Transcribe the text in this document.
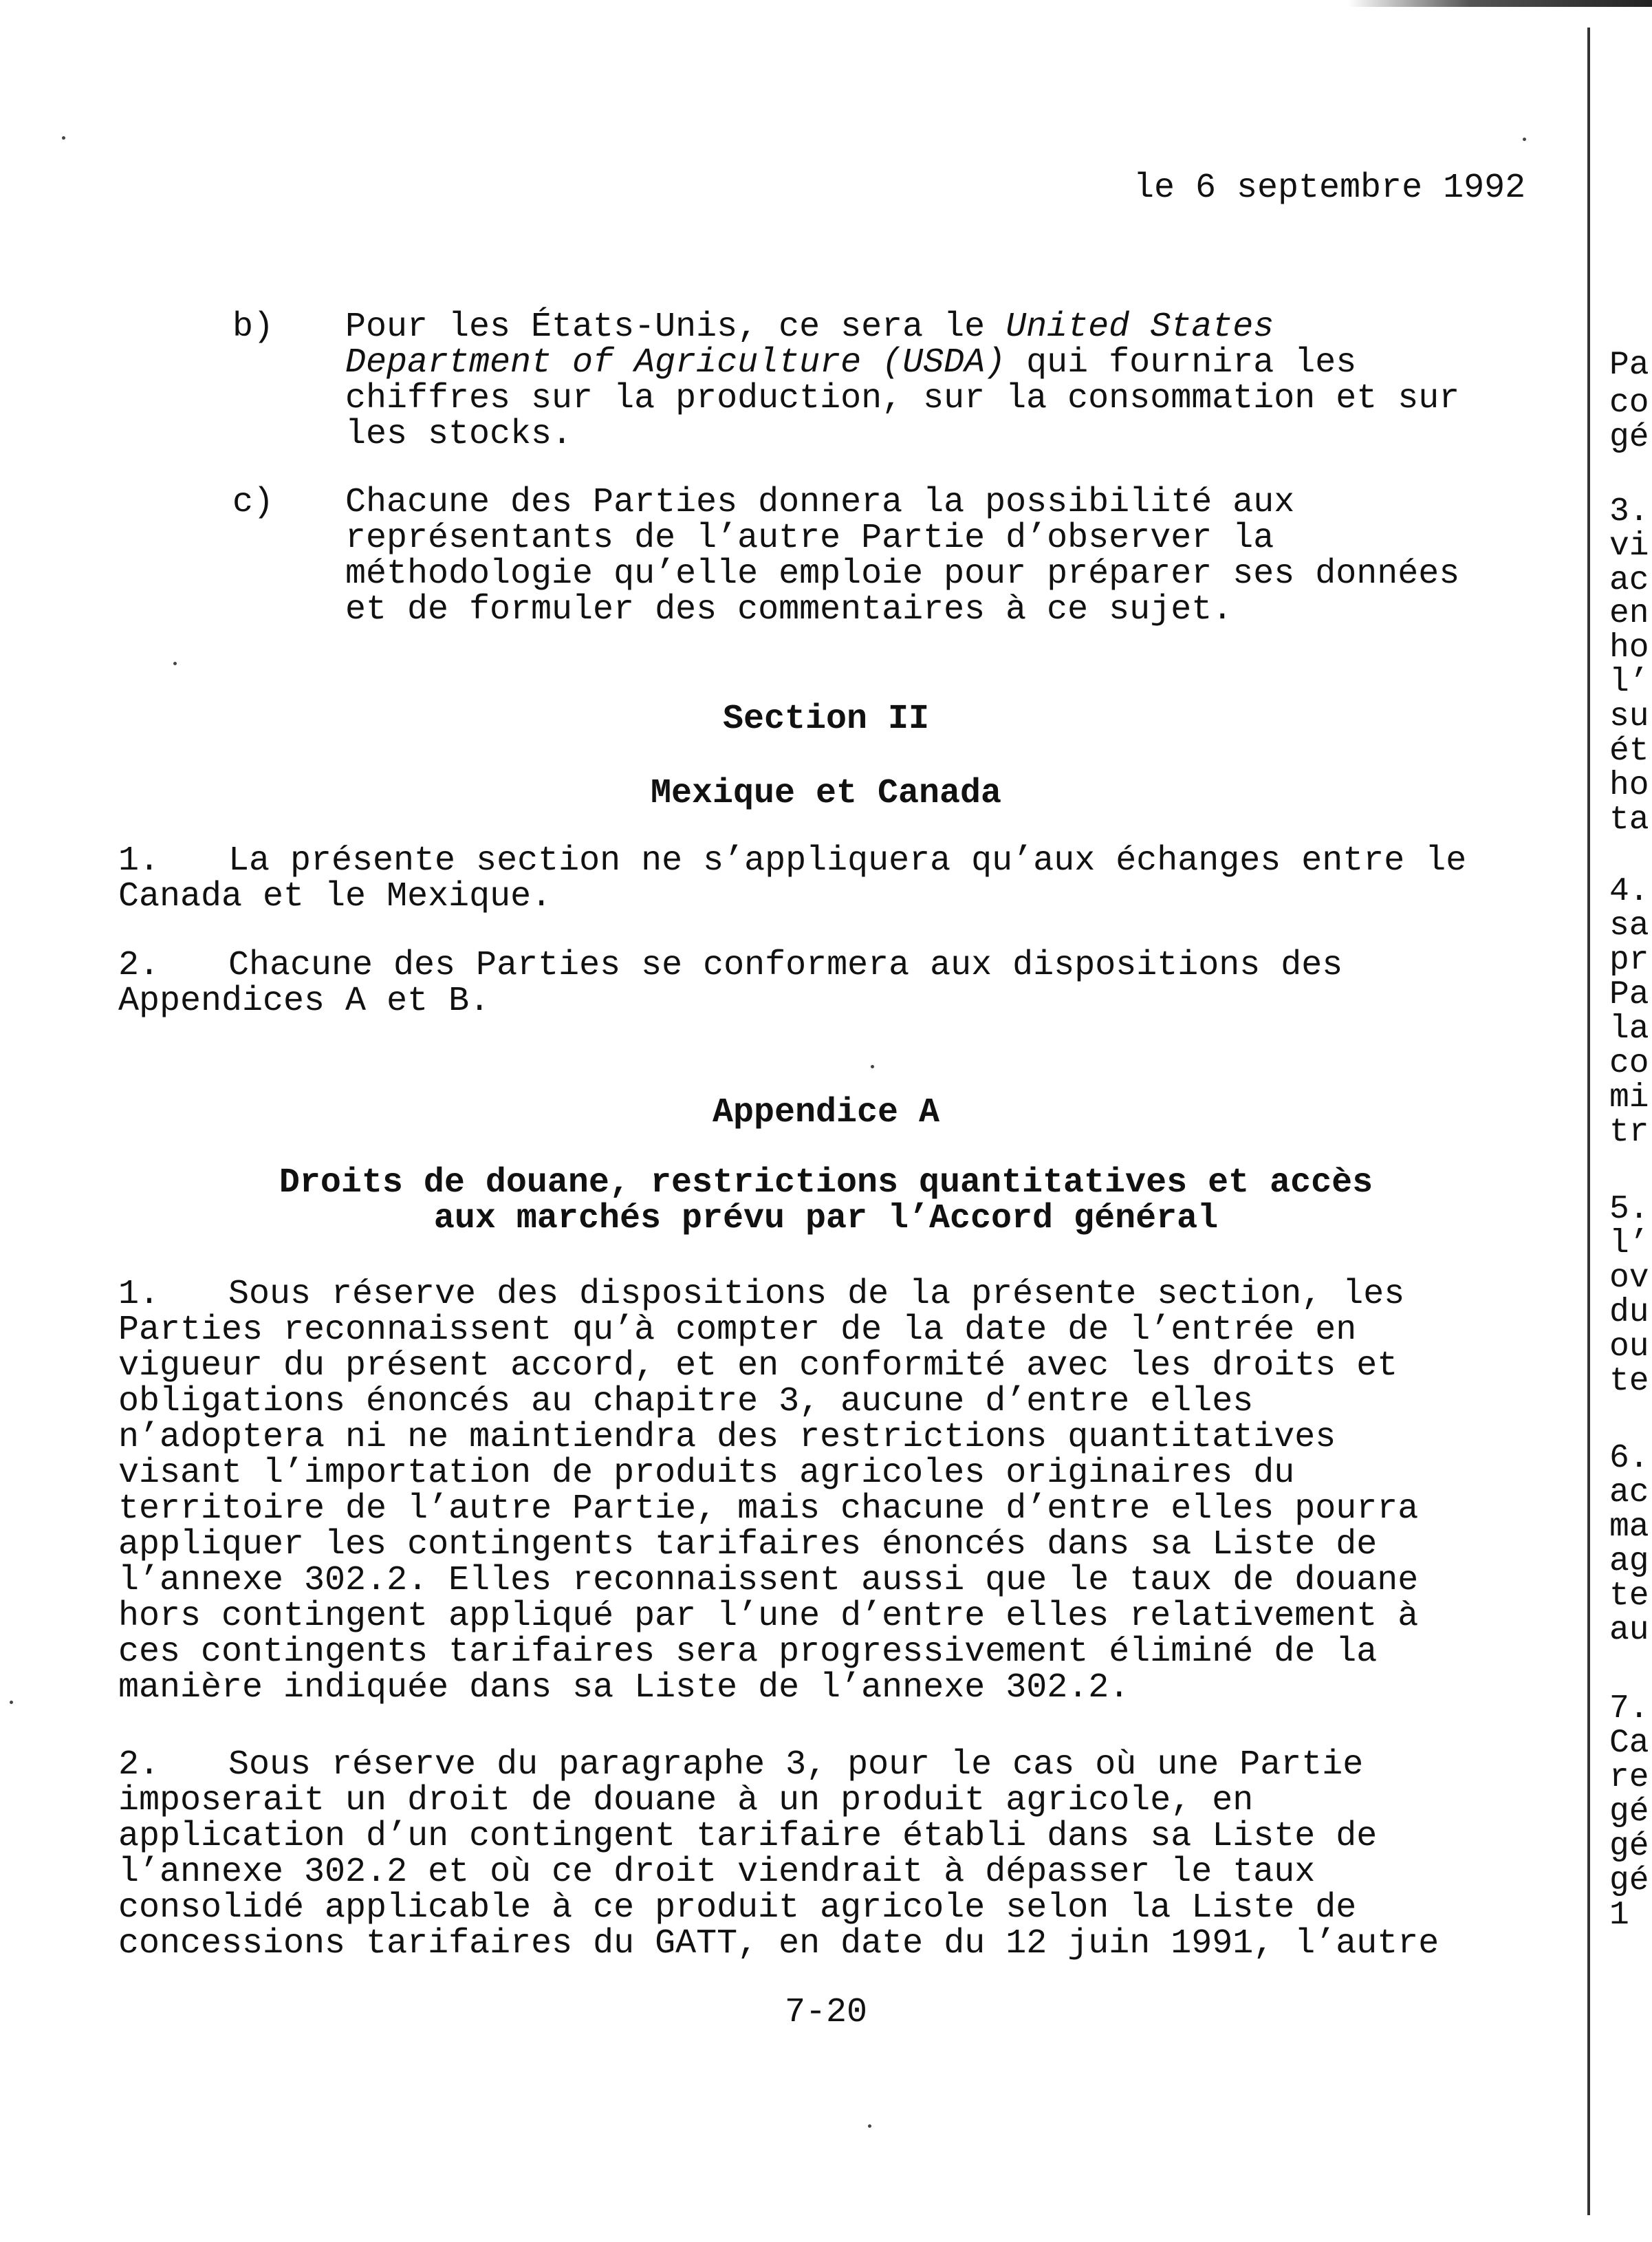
le 6 septembre 1992
b) Pour les États-Unis, ce sera le United States
Department of Agriculture (USDA) qui fournira les
chiffres sur la production, sur la consommation et sur
les stocks.
c) Chacune des Parties donnera la possibilité aux
représentants de l’autre Partie d’observer la
méthodologie qu’elle emploie pour préparer ses données
et de formuler des commentaires à ce sujet.
Section II
Mexique et Canada
1. La présente section ne s’appliquera qu’aux échanges entre le
Canada et le Mexique.
2. Chacune des Parties se conformera aux dispositions des
Appendices A et B.
Appendice A
Droits de douane, restrictions quantitatives et accès
aux marchés prévu par l’Accord général
1. Sous réserve des dispositions de la présente section, les
Parties reconnaissent qu’à compter de la date de l’entrée en
vigueur du présent accord, et en conformité avec les droits et
obligations énoncés au chapitre 3, aucune d’entre elles
n’adoptera ni ne maintiendra des restrictions quantitatives
visant l’importation de produits agricoles originaires du
territoire de l’autre Partie, mais chacune d’entre elles pourra
appliquer les contingents tarifaires énoncés dans sa Liste de
l’annexe 302.2. Elles reconnaissent aussi que le taux de douane
hors contingent appliqué par l’une d’entre elles relativement à
ces contingents tarifaires sera progressivement éliminé de la
manière indiquée dans sa Liste de l’annexe 302.2.
2. Sous réserve du paragraphe 3, pour le cas où une Partie
imposerait un droit de douane à un produit agricole, en
application d’un contingent tarifaire établi dans sa Liste de
l’annexe 302.2 et où ce droit viendrait à dépasser le taux
consolidé applicable à ce produit agricole selon la Liste de
concessions tarifaires du GATT, en date du 12 juin 1991, l’autre
7-20
Pa
co
gé
3.
vi
ac
en
ho
l’
su
ét
ho
ta
4.
sa
pr
Pa
la
co
mi
tr
5.
l’
ov
du
ou
te
6.
ac
ma
ag
te
au
7.
Ca
re
gé
gé
gé
1
